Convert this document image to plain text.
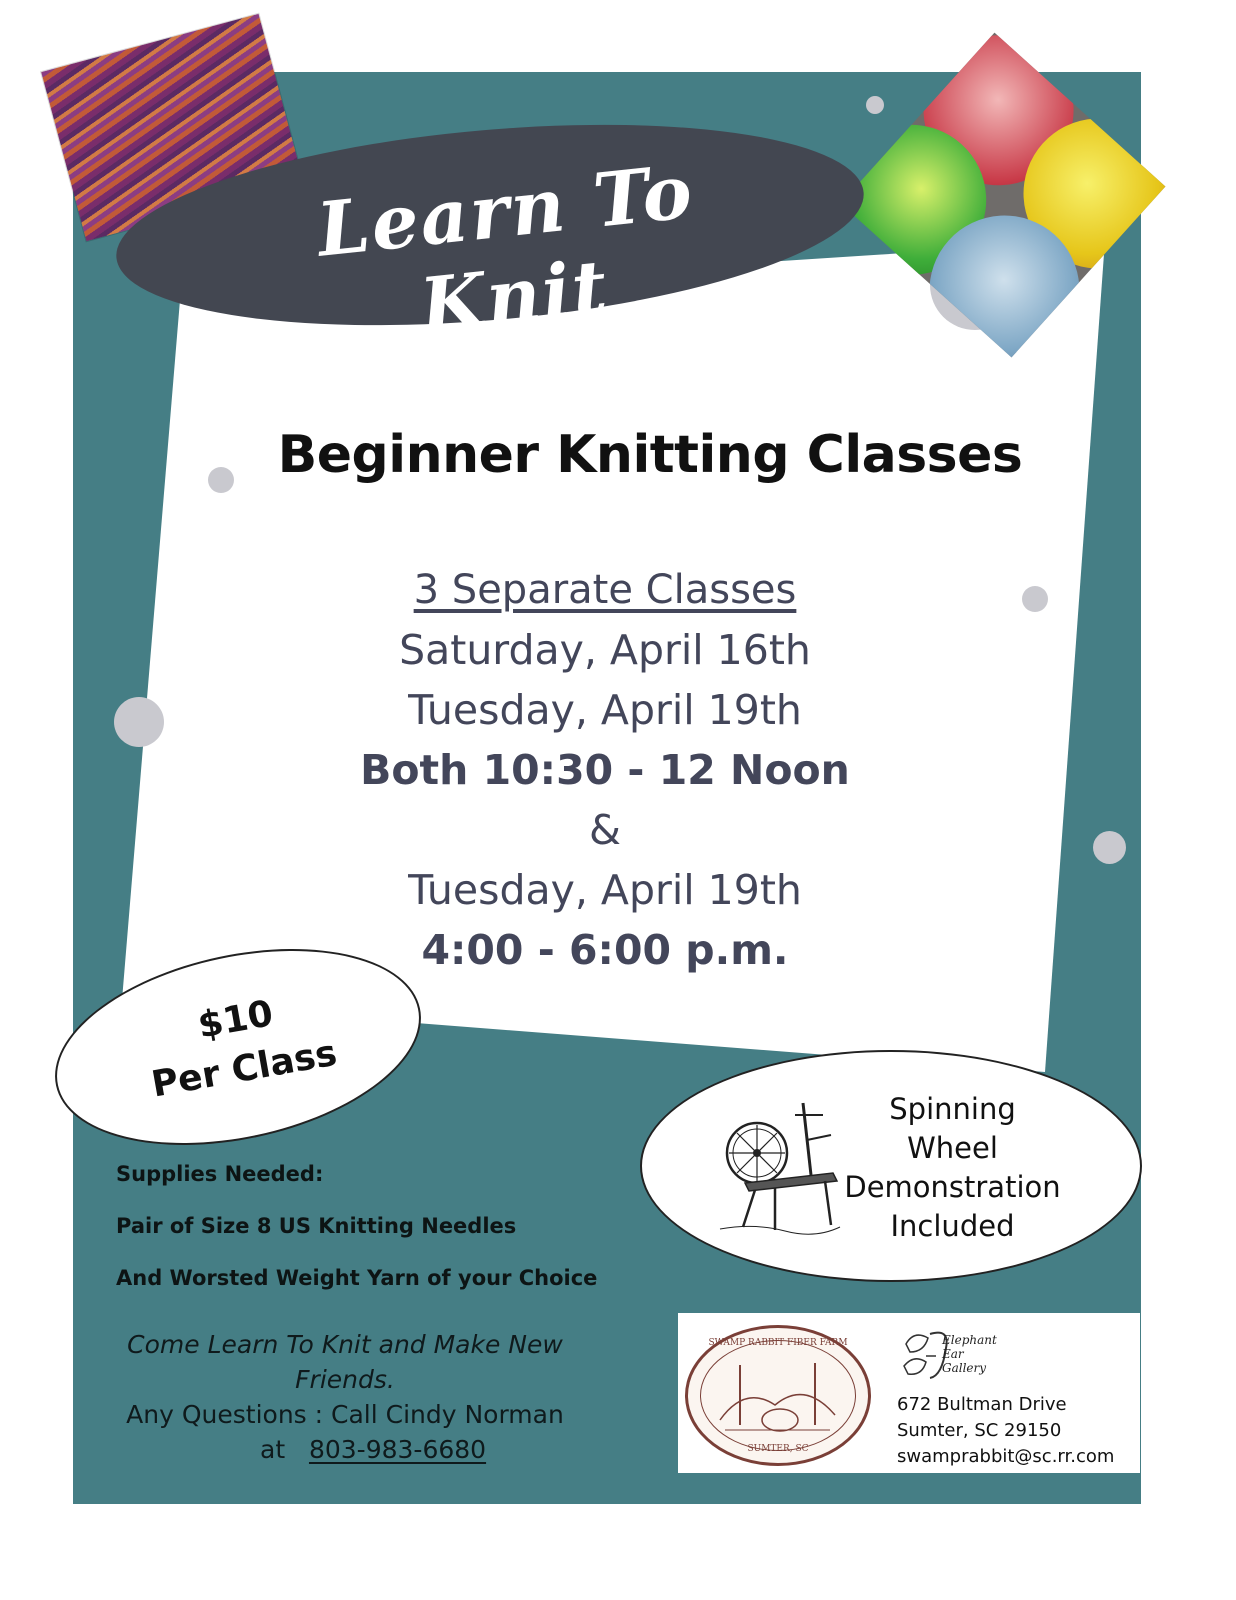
Learn To Knit
Beginner Knitting Classes
3 Separate Classes
Saturday, April 16th
Tuesday, April 19th
Both 10:30 - 12 Noon
&
Tuesday, April 19th
4:00 - 6:00 p.m.
$10
Per Class
Spinning
Wheel
Demonstration
Included
Supplies Needed:
Pair of Size 8 US Knitting Needles
And Worsted Weight Yarn of your Choice
Come Learn To Knit and Make New
Friends.
Any Questions : Call Cindy Norman
at 803-983-6680
SWAMP RABBIT FIBER FARM
SUMTER, SC
Elephant
Ear
Gallery
672 Bultman Drive
Sumter, SC 29150
swamprabbit@sc.rr.com
